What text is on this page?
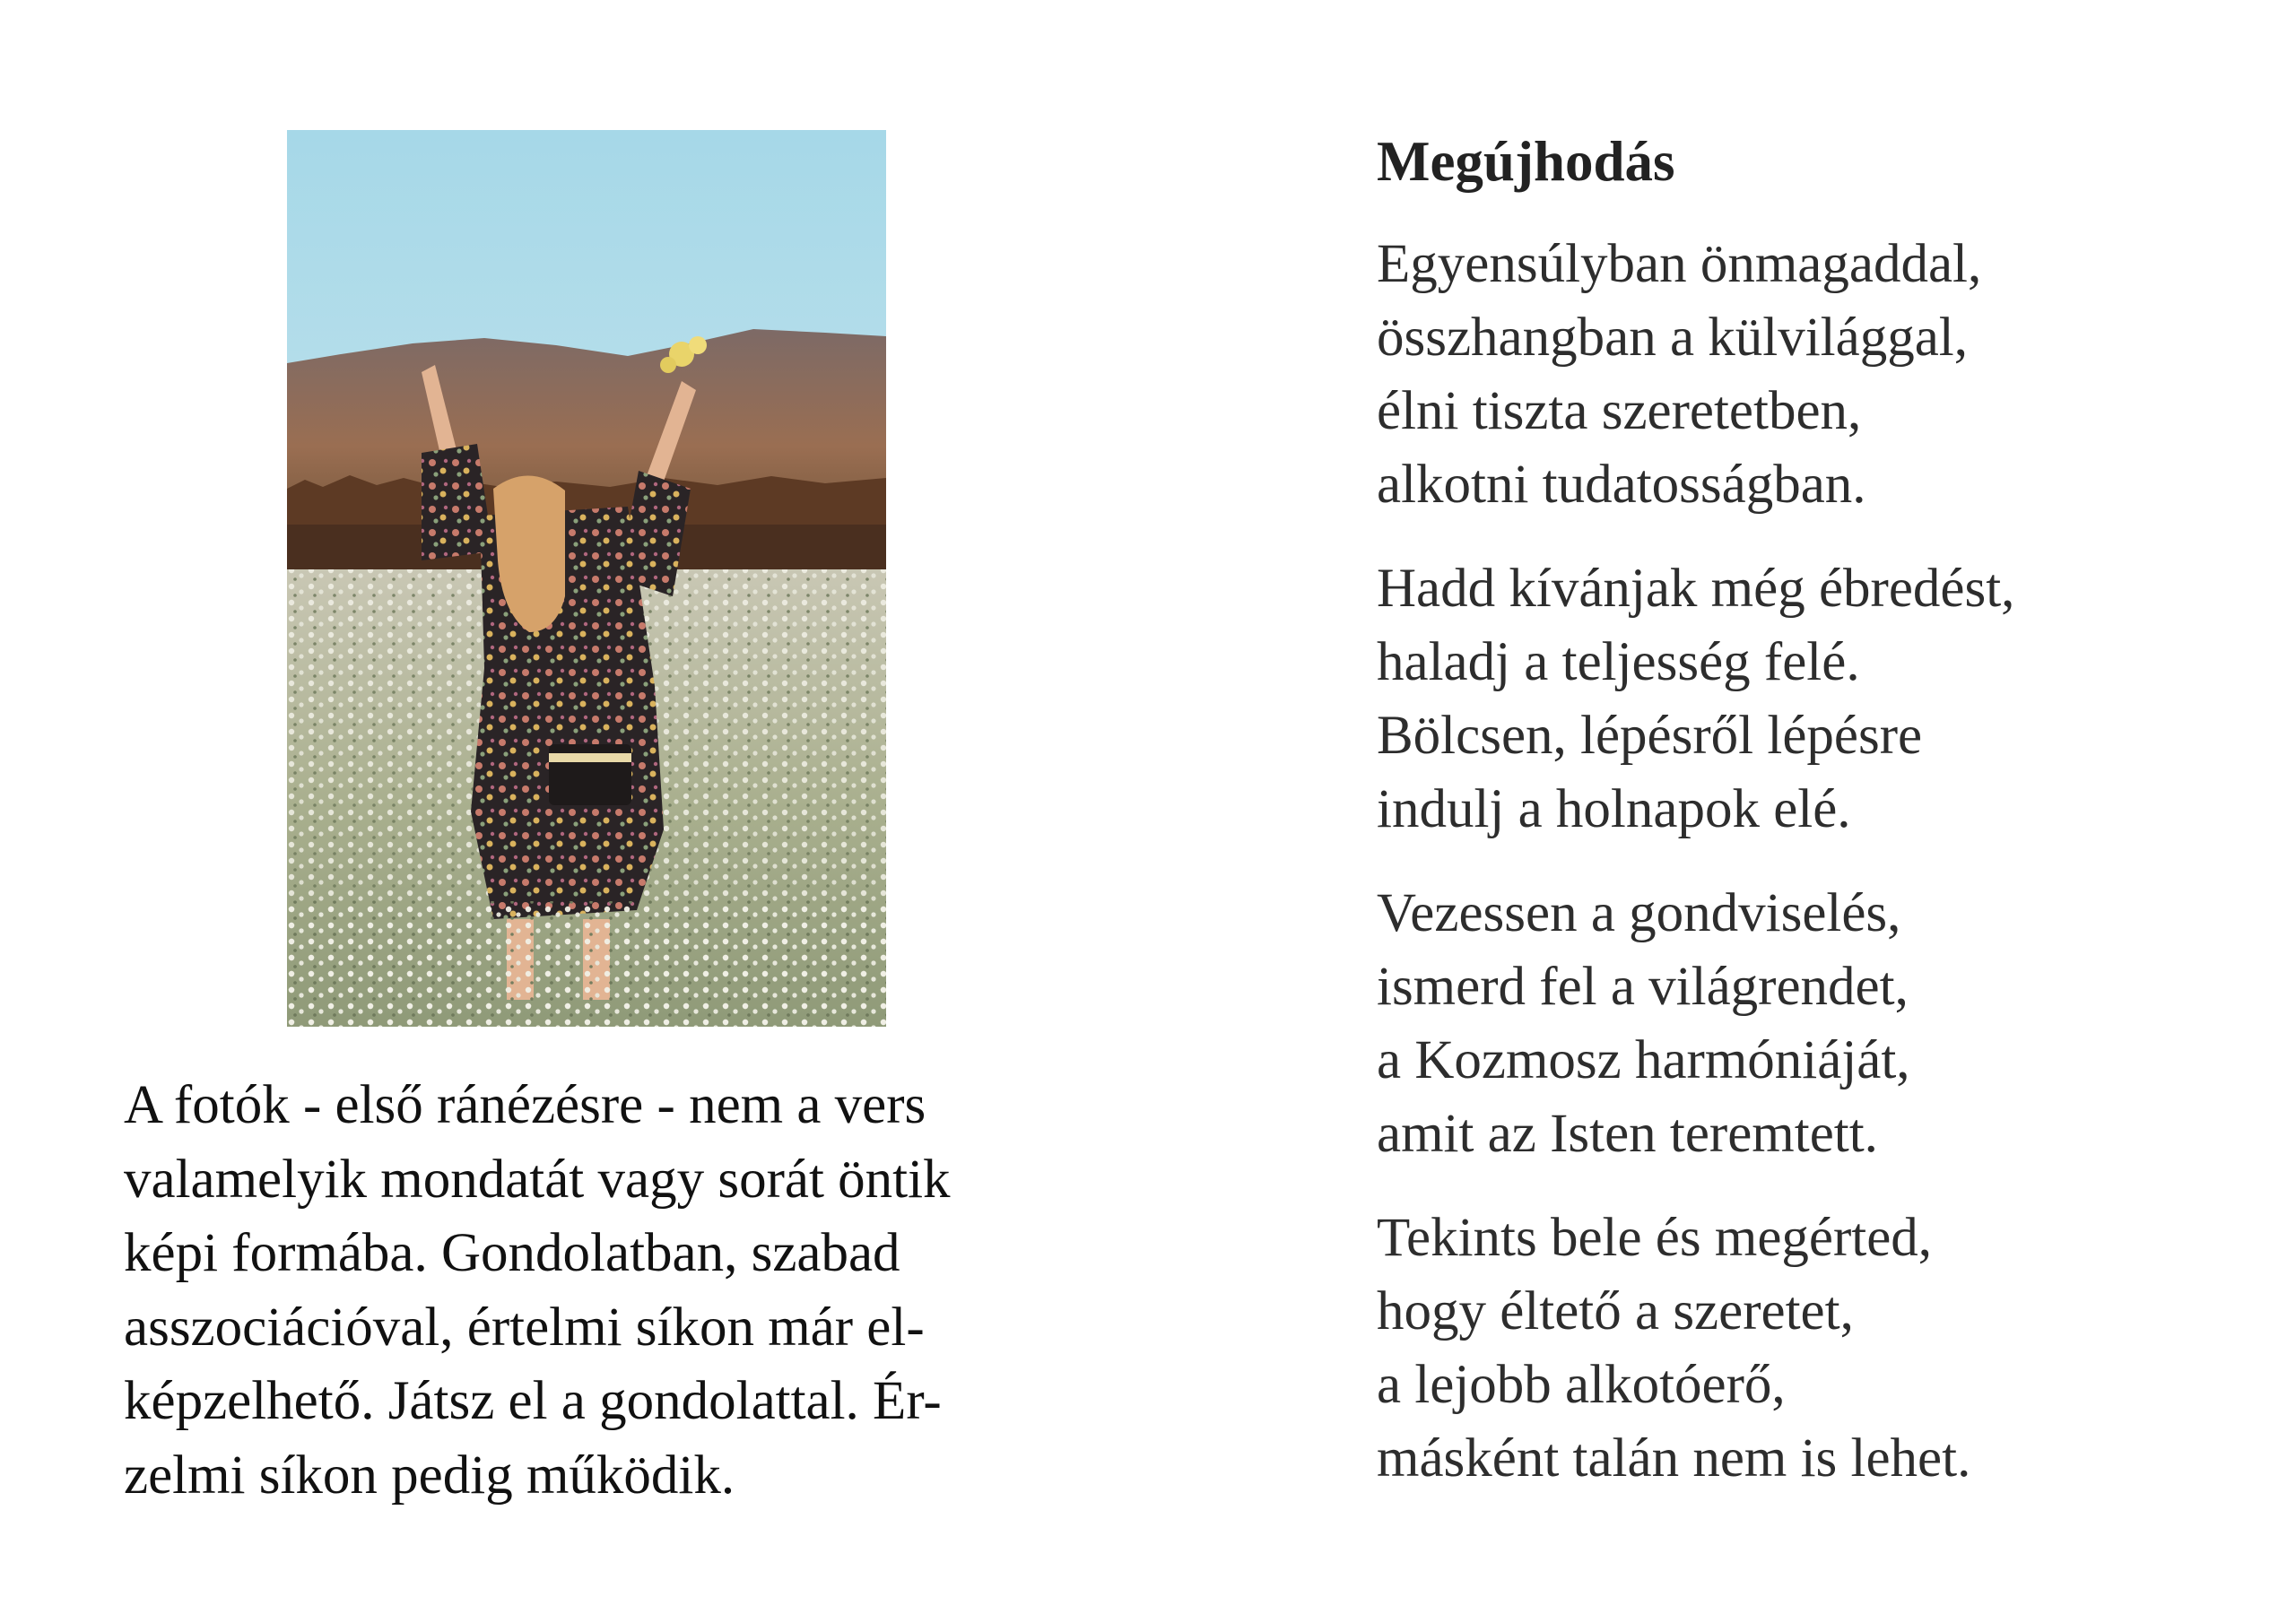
A fotók - első ránézésre - nem a vers
valamelyik mondatát vagy sorát öntik
képi formába. Gondolatban, szabad
asszociációval, értelmi síkon már el-
képzelhető. Játsz el a gondolattal. Ér-
zelmi síkon pedig működik.
Megújhodás
Egyensúlyban önmagaddal,
összhangban a külvilággal,
élni tiszta szeretetben,
alkotni tudatosságban.
Hadd kívánjak még ébredést,
haladj a teljesség felé.
Bölcsen, lépésről lépésre
indulj a holnapok elé.
Vezessen a gondviselés,
ismerd fel a világrendet,
a Kozmosz harmóniáját,
amit az Isten teremtett.
Tekints bele és megérted,
hogy éltető a szeretet,
a lejobb alkotóerő,
másként talán nem is lehet.
